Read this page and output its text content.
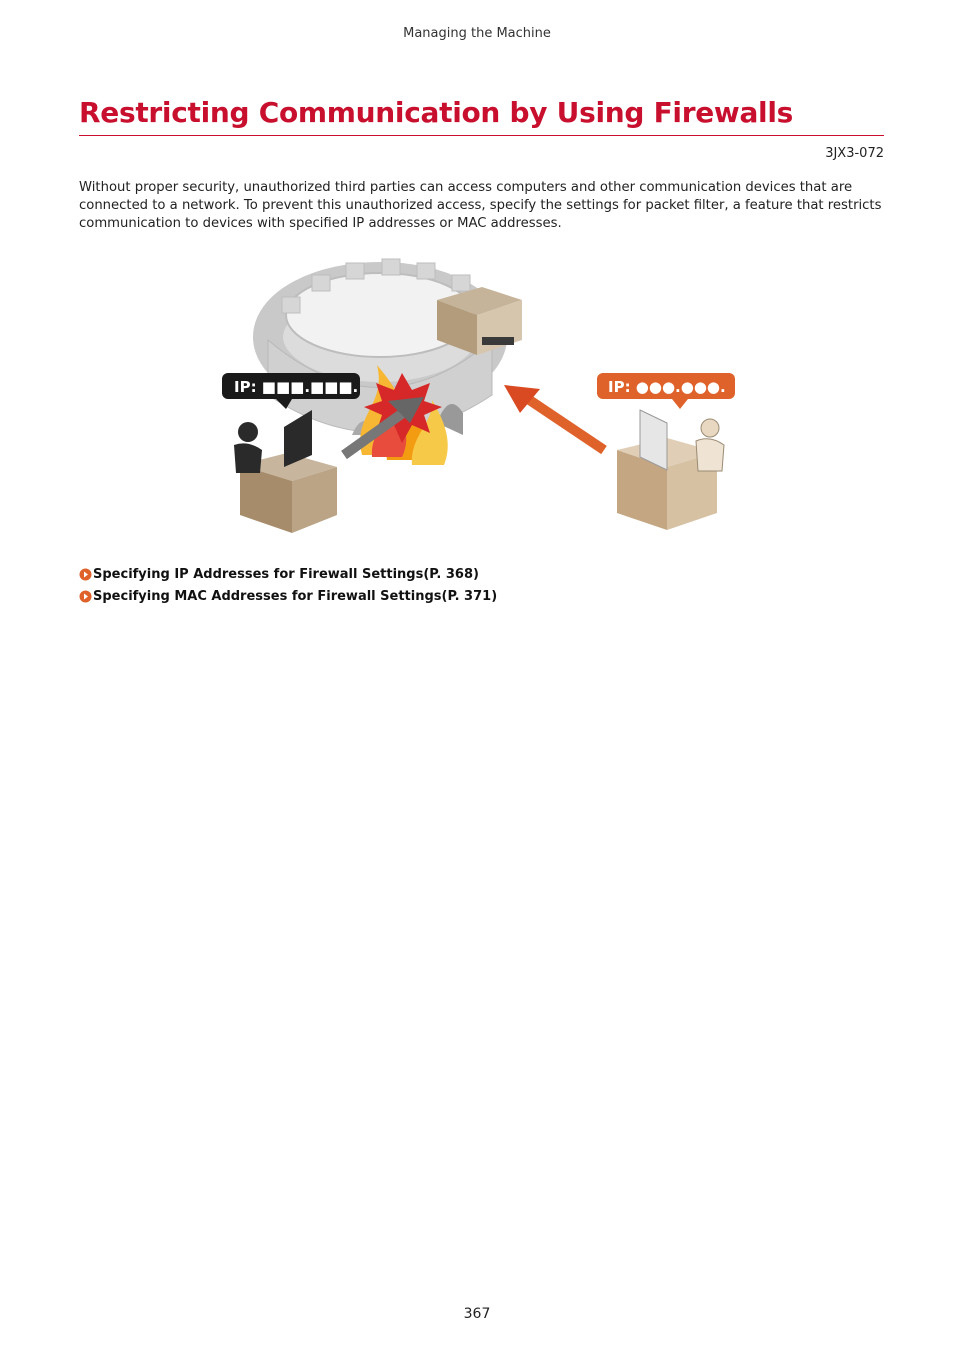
Managing the Machine
Restricting Communication by Using Firewalls
3JX3-072

Without proper security, unauthorized third parties can access computers and other communication devices that are connected to a network. To prevent this unauthorized access, specify the settings for packet filter, a feature that restricts communication to devices with specified IP addresses or MAC addresses.

IP: ■■■.■■■.	IP: ●●●.●●●.
Specifying IP Addresses for Firewall Settings(P. 368)
Specifying MAC Addresses for Firewall Settings(P. 371)
367
